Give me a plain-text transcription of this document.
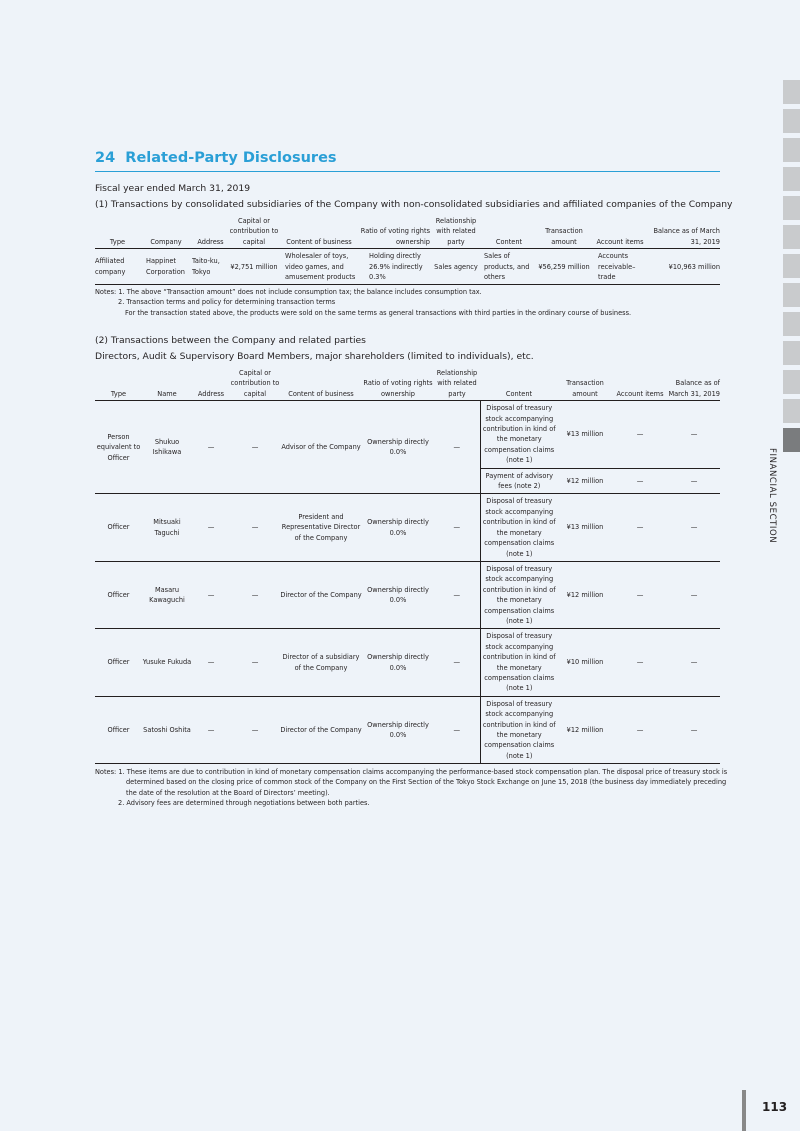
FINANCIAL SECTION
24 Related-Party Disclosures
Fiscal year ended March 31, 2019
(1) Transactions by consolidated subsidiaries of the Company with non-consolidated subsidiaries and affiliated companies of the Company
Type	Company	Address	Capital or contribution to capital	Content of business	Ratio of voting rights ownership	Relationship with related party	Content	Transaction amount	Account items	Balance as of March 31, 2019
Affiliated company	Happinet Corporation	Taito-ku, Tokyo	¥2,751 million	Wholesaler of toys, video games, and amusement products	Holding directly 26.9% indirectly 0.3%	Sales agency	Sales of products, and others	¥56,259 million	Accounts receivable– trade	¥10,963 million
Notes: 1. The above “Transaction amount” does not include consumption tax; the balance includes consumption tax.
2. Transaction terms and policy for determining transaction terms
For the transaction stated above, the products were sold on the same terms as general transactions with third parties in the ordinary course of business.
(2) Transactions between the Company and related parties
Directors, Audit & Supervisory Board Members, major shareholders (limited to individuals), etc.
Type	Name	Address	Capital or contribution to capital	Content of business	Ratio of voting rights ownership	Relationship with related party	Content	Transaction amount	Account items	Balance as of March 31, 2019
Person equivalent to Officer	Shukuo Ishikawa	—	—	Advisor of the Company	Ownership directly 0.0%	—	Disposal of treasury stock accompanying contribution in kind of the monetary compensation claims (note 1)	¥13 million	—	—
							Payment of advisory fees (note 2)	¥12 million	—	—
Officer	Mitsuaki Taguchi	—	—	President and Representative Director of the Company	Ownership directly 0.0%	—	Disposal of treasury stock accompanying contribution in kind of the monetary compensation claims (note 1)	¥13 million	—	—
Officer	Masaru Kawaguchi	—	—	Director of the Company	Ownership directly 0.0%	—	Disposal of treasury stock accompanying contribution in kind of the monetary compensation claims (note 1)	¥12 million	—	—
Officer	Yusuke Fukuda	—	—	Director of a subsidiary of the Company	Ownership directly 0.0%	—	Disposal of treasury stock accompanying contribution in kind of the monetary compensation claims (note 1)	¥10 million	—	—
Officer	Satoshi Oshita	—	—	Director of the Company	Ownership directly 0.0%	—	Disposal of treasury stock accompanying contribution in kind of the monetary compensation claims (note 1)	¥12 million	—	—
Notes: 1. These items are due to contribution in kind of monetary compensation claims accompanying the performance-based stock compensation plan. The disposal price of treasury stock is
determined based on the closing price of common stock of the Company on the First Section of the Tokyo Stock Exchange on June 15, 2018 (the business day immediately preceding
the date of the resolution at the Board of Directors’ meeting).
2. Advisory fees are determined through negotiations between both parties.
113
